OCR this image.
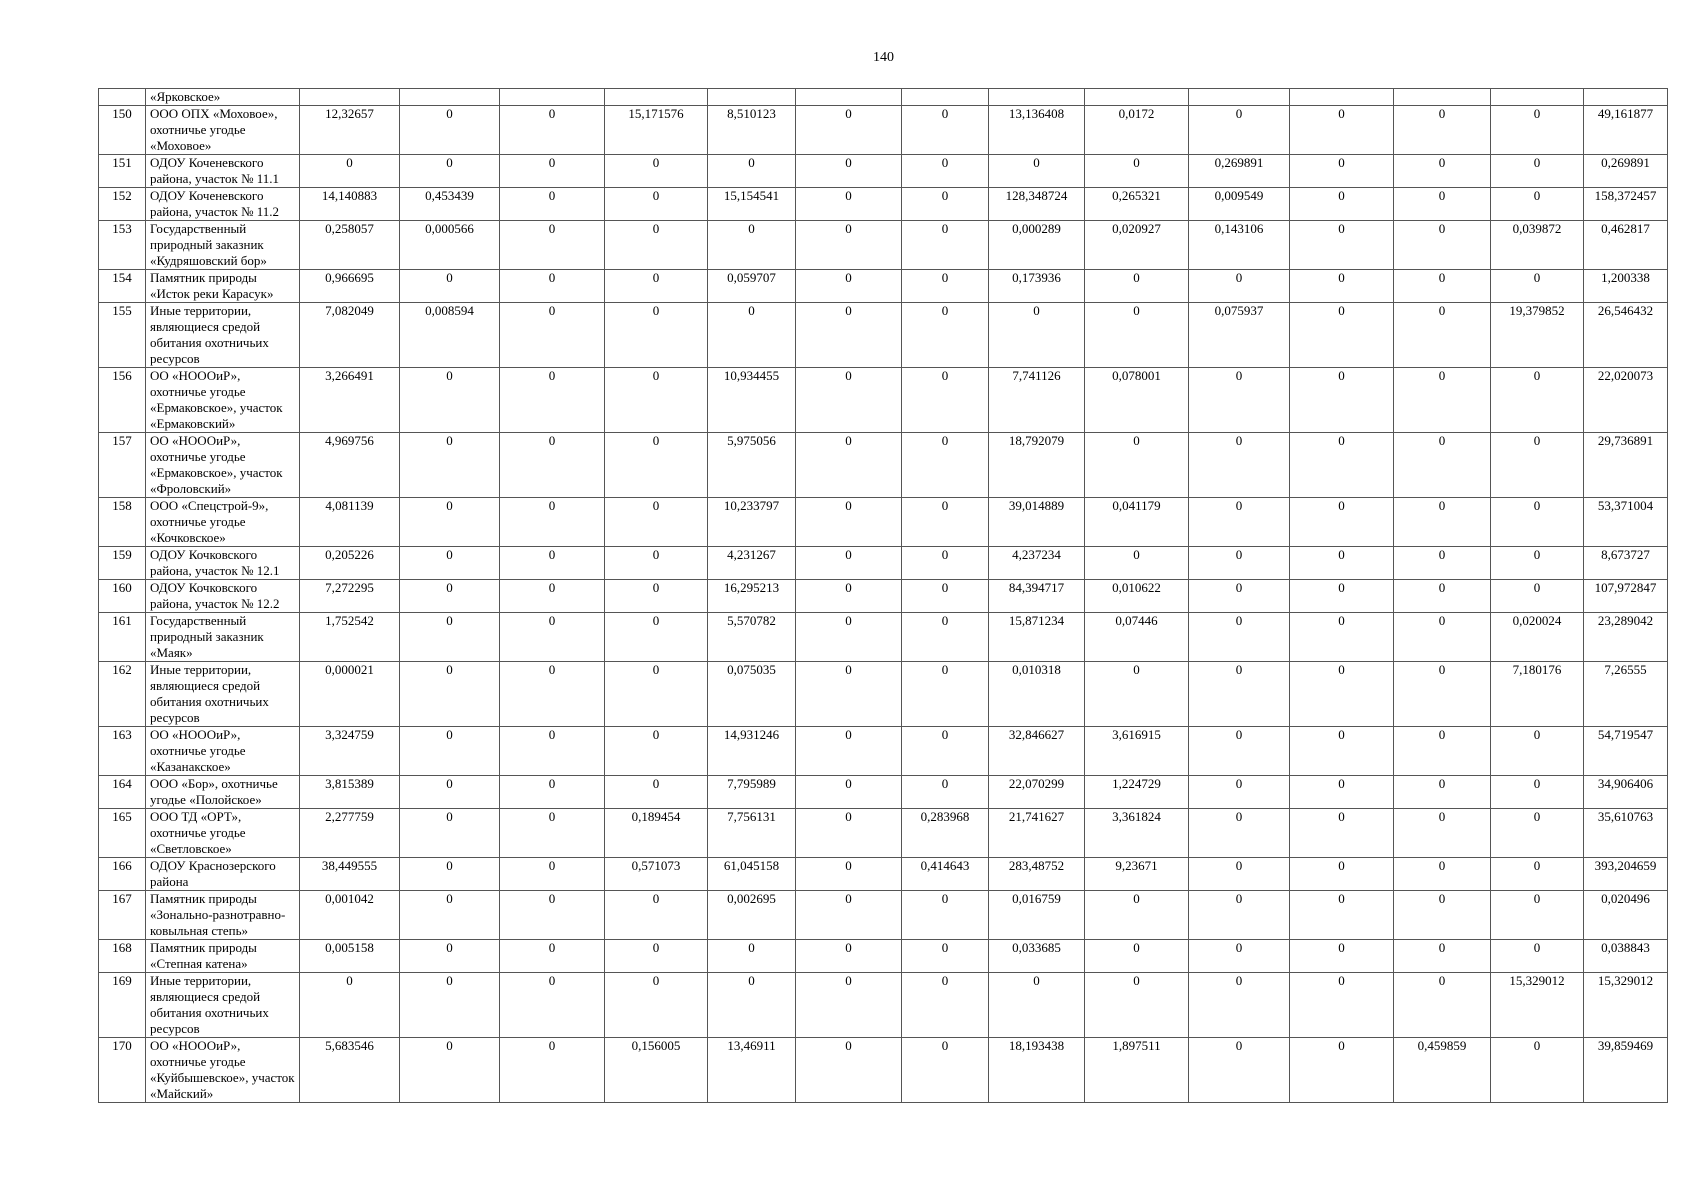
140
	«Ярковское»														
150	ООО ОПХ «Моховое», охотничье угодье «Моховое»	12,32657	0	0	15,171576	8,510123	0	0	13,136408	0,0172	0	0	0	0	49,161877
151	ОДОУ Коченевского района, участок № 11.1	0	0	0	0	0	0	0	0	0	0,269891	0	0	0	0,269891
152	ОДОУ Коченевского района, участок № 11.2	14,140883	0,453439	0	0	15,154541	0	0	128,348724	0,265321	0,009549	0	0	0	158,372457
153	Государственный природный заказник «Кудряшовский бор»	0,258057	0,000566	0	0	0	0	0	0,000289	0,020927	0,143106	0	0	0,039872	0,462817
154	Памятник природы «Исток реки Карасук»	0,966695	0	0	0	0,059707	0	0	0,173936	0	0	0	0	0	1,200338
155	Иные территории, являющиеся средой обитания охотничьих ресурсов	7,082049	0,008594	0	0	0	0	0	0	0	0,075937	0	0	19,379852	26,546432
156	ОО «НОООиР», охотничье угодье «Ермаковское», участок «Ермаковский»	3,266491	0	0	0	10,934455	0	0	7,741126	0,078001	0	0	0	0	22,020073
157	ОО «НОООиР», охотничье угодье «Ермаковское», участок «Фроловский»	4,969756	0	0	0	5,975056	0	0	18,792079	0	0	0	0	0	29,736891
158	ООО «Спецстрой-9», охотничье угодье «Кочковское»	4,081139	0	0	0	10,233797	0	0	39,014889	0,041179	0	0	0	0	53,371004
159	ОДОУ Кочковского района, участок № 12.1	0,205226	0	0	0	4,231267	0	0	4,237234	0	0	0	0	0	8,673727
160	ОДОУ Кочковского района, участок № 12.2	7,272295	0	0	0	16,295213	0	0	84,394717	0,010622	0	0	0	0	107,972847
161	Государственный природный заказник «Маяк»	1,752542	0	0	0	5,570782	0	0	15,871234	0,07446	0	0	0	0,020024	23,289042
162	Иные территории, являющиеся средой обитания охотничьих ресурсов	0,000021	0	0	0	0,075035	0	0	0,010318	0	0	0	0	7,180176	7,26555
163	ОО «НОООиР», охотничье угодье «Казанакское»	3,324759	0	0	0	14,931246	0	0	32,846627	3,616915	0	0	0	0	54,719547
164	ООО «Бор», охотничье угодье «Полойское»	3,815389	0	0	0	7,795989	0	0	22,070299	1,224729	0	0	0	0	34,906406
165	ООО ТД «ОРТ», охотничье угодье «Светловское»	2,277759	0	0	0,189454	7,756131	0	0,283968	21,741627	3,361824	0	0	0	0	35,610763
166	ОДОУ Краснозерского района	38,449555	0	0	0,571073	61,045158	0	0,414643	283,48752	9,23671	0	0	0	0	393,204659
167	Памятник природы «Зонально-разнотравно-ковыльная степь»	0,001042	0	0	0	0,002695	0	0	0,016759	0	0	0	0	0	0,020496
168	Памятник природы «Степная катена»	0,005158	0	0	0	0	0	0	0,033685	0	0	0	0	0	0,038843
169	Иные территории, являющиеся средой обитания охотничьих ресурсов	0	0	0	0	0	0	0	0	0	0	0	0	15,329012	15,329012
170	ОО «НОООиР», охотничье угодье «Куйбышевское», участок «Майский»	5,683546	0	0	0,156005	13,46911	0	0	18,193438	1,897511	0	0	0,459859	0	39,859469
